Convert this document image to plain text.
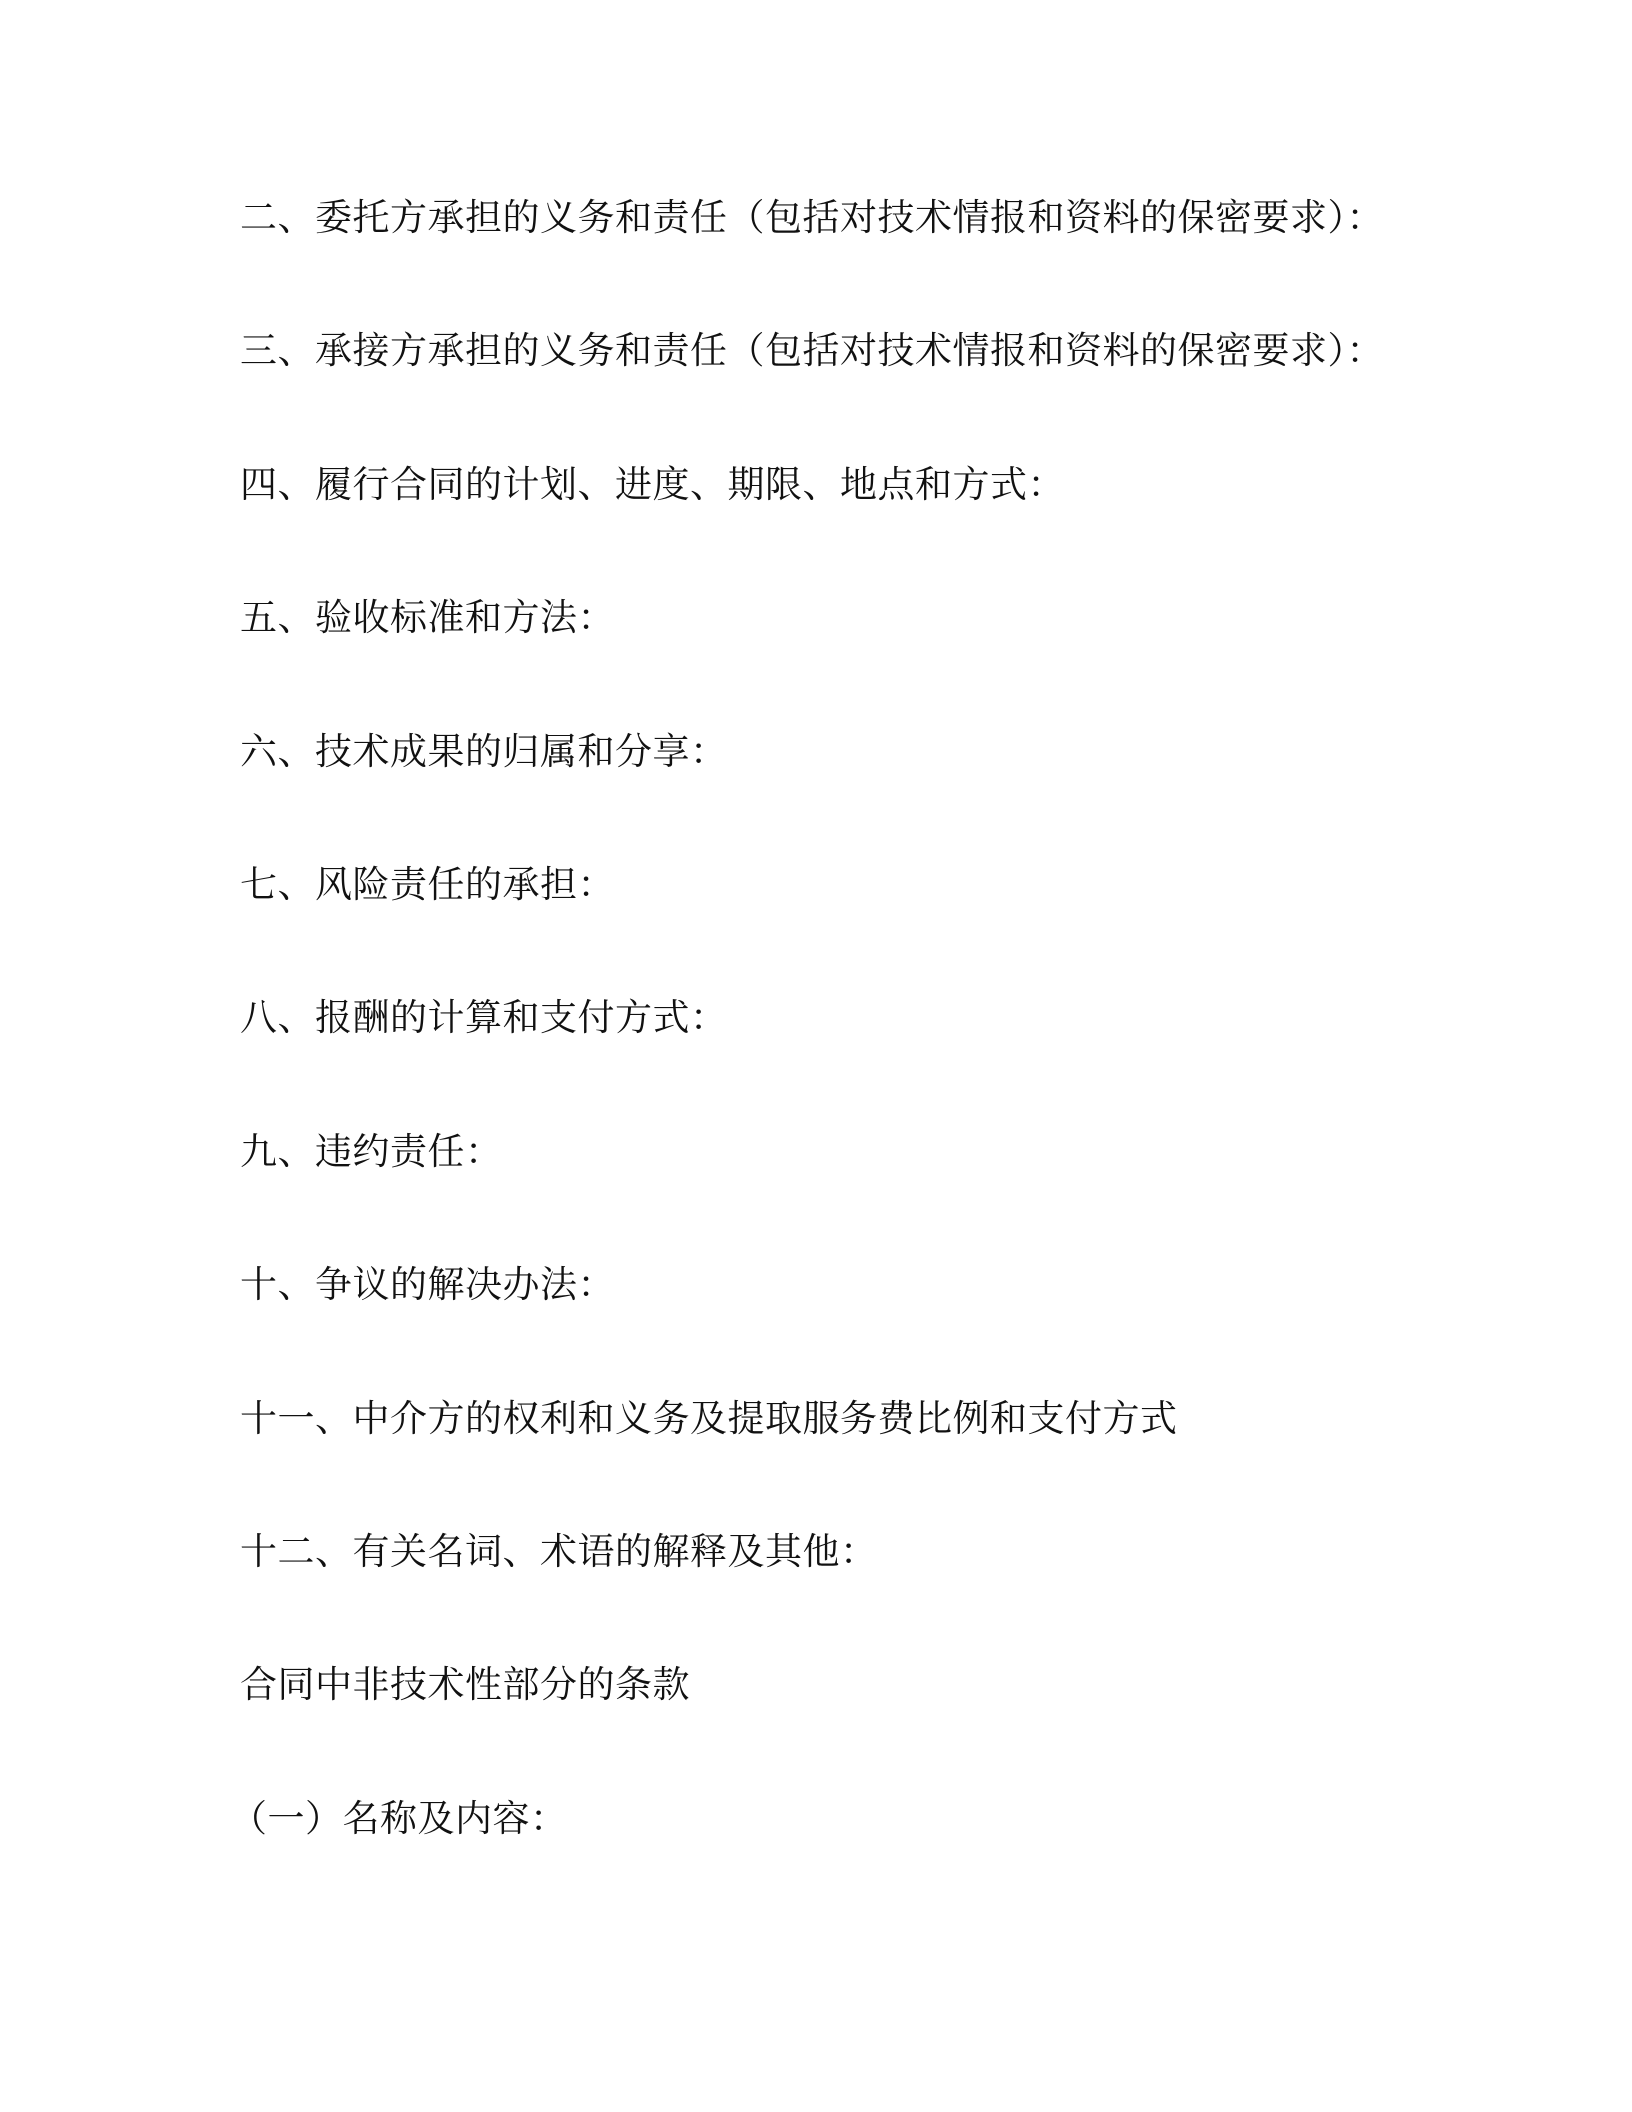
二、委托方承担的义务和责任（包括对技术情报和资料的保密要求）：

三、承接方承担的义务和责任（包括对技术情报和资料的保密要求）：

四、履行合同的计划、进度、期限、地点和方式：

五、验收标准和方法：

六、技术成果的归属和分享：

七、风险责任的承担：

八、报酬的计算和支付方式：

九、违约责任：

十、争议的解决办法：

十一、中介方的权利和义务及提取服务费比例和支付方式

十二、有关名词、术语的解释及其他：

合同中非技术性部分的条款

（一）名称及内容：
